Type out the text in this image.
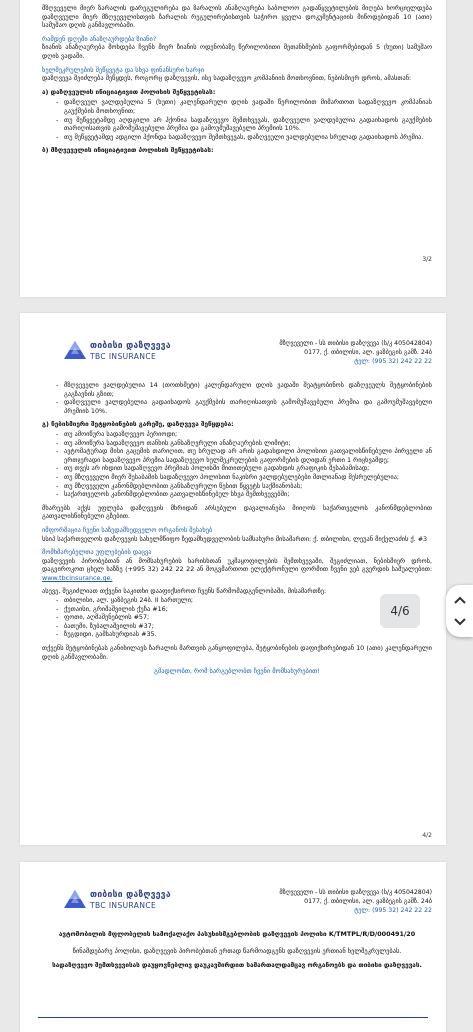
მზღვეველი მიერ ზარალის დარეგულირება და ზარალის ანაზღაურება საბოლოო გადაწყვეტილების მიღება ხორციელდება დაზღვეული მიერ მზღვეველისთვის ზარალის რეგულირებისთვის საჭირო ყველა დოკუმენტაციის მიწოდებიდან 10 (ათი) სამუშაო დღის განმავლობაში.

რამდენ დღეში ანაზღაურდება ზიანი?

ზიანის ანაზღაურება მოხდება ჩვენს მიერ ზიანის ოდენობაზე წერილობითი შეთანხმების გაფორმებიდან 5 (ხუთი) სამუშაო დღის ვადაში.

ხელშეკრულების შეწყვეტა და სხვა ფინანსური ხარჯი

დაზღვევა შეიძლება შეწყდეს, როგორც დაზღვევის, ისე სადაზღვევო კომპანიის მოთხოვნით, ნებისმიერ დროს, ამასთან:

ა) დაზღვეულის ინიციატივით პოლისის შეწყვეტისას:

- დაზღვეულ ვალდებულია 5 (ხუთი) კალენდარული დღის ვადაში წერილობით მიმართოთ სადაზღვევო კომპანიას გაუქმების მოთხოვნით;
- თუ შეწყვეტამდე აღდგილი არ ჰქონია სადაზღვევო შემთხვევას, დაზღვეული ვალდებულია გადაიხადოს გაუქმების თარიღისათვის გამომუშავებული პრემია და გამოუმუშავებელი პრემიის 10%.
- თუ შეწყვეტამდე ადგილი ჰქონდა სადაზღვევო შემთხვევას, დაზღვეული ვალდებულია სრულად გადაიხადოს პრემია.

ბ) მზღვეველის ინიციატივით პოლისის შეწყვეტისას:

3/2
თიბისი დაზღვევა
TBC INSURANCE
მზღვეველი - სს თიბისი დაზღვევა (ს/კ 405042804)
0177, ქ. თბილისი, ალ. ყაზბეგის გამზ. 24ბ
ტელ: (995 32) 242 22 22
- მზღვეველი ვალდებულია 14 (თოთხმეტი) კალენდარული დღის ვადაში შეატყობინოს დაზღვეულს შეტყობინების გაგზავნის გზით;
- დაზღვეული ვალდებულია გადაიხადოს გაუქმების თარიღისათვის გამომუშავებული პრემია და გამოუმუშავებელი პრემიის 10%.

გ) ნებისმიერი შეტყობინების გარეშე, დაზღვევა შეწყდება:

- თუ ამოიწურა სადაზღვევო პერიოდი;
- თუ ამოიწურა სადაზღვევო თანხის განსაზღვრული ანაზღაურების ლიმიტი;
- ავტომატურად მისი გაცემის თარიღით, თუ სრულად არ არის გადახდილი პოლისით გათვალისწინებული პირველი ან ერთჯერადი სადაზღვევო პრემია სადაზღვევო ხელშეკრულების გაფორმების დღიდან ერთი 1 რიცხვამდე;
- თუ თვეს არ იხდით სადაზღვევო პრემიას პოლისში მითითებული გადახდის გრაფიკის შესაბამისად;
- თუ მზღვეველი მიერ შესაბამის სადაზღვევო პოლისით ნაკისრი ვალდებულებები მთლიანად შესრულებულია;
- თუ მზღვეველი კანონმდებლობით განსაზღვრული წესით წყვეტს საქმიანობას;
- საქართველოს კანონმდებლობით გათვალისწინებულ სხვა შემთხვევებში;

მხარეებს აქვს უფლება დაზღვევის მხრიდან არსებული დავალიანება მიიღოს საქართველოს კანონმდებლობით გათვალისწინებული გზებით.

იმფორმაცია ჩვენი საზედამხედველო ორგანოს შესახებ

სსიპ საქართველოს დაზღვევის სახელმწიფო ზედამხედველობის სამსახური მისამართი: ქ. თბილისი, ლეუან მიქელაძის ქ. #3

მომხმარებელთა უფლებების დაცვა

დაზღვევის პირობებთან ან მომსახურების ხარისხთან უკმაყოფილების შემთხვევაში, შეგიძლიათ, ნებისმიერ დროს, დაგვიროკოთ ცხელ ხაზზე (+995 32) 242 22 22 ან მოგვმართოთ ელექტრონული ფორმით ჩვენი ვებ გვერდის საშუალებით: www.tbcinsurance.ge.

ასევე, შეგიძლიათ თქვენი საკითხი დააფიქსიროთ ჩვენს წარმომადგენლობაში, მისამართზე:

- თბილისი, ალ. ყაზბეგის 24ბ. II სართული;
- ქუთაისი, გრიშაშვილის ქუჩა #16;
- ფოთი, აღმაშენებლის #57;
- ბათუმი, ზუბალაშვილის #37;
- ზუგდიდი, გამსახურდიას #35.

თქვენს შეტყობინებას განიხილავს ზარალის მართვის განყოფილება, შეტყობინების დაფიქსირებიდან 10 (ათი) კალენდარული დღის განმავლობაში.

გმადლობთ, რომ სარგებლობთ ჩვენი მომსახურებით!

4/2
თიბისი დაზღვევა
TBC INSURANCE
მზღვეველი - სს თიბისი დაზღვევა (ს/კ 405042804)
0177, ქ. თბილისი, ალ. ყაზბეგის გამზ. 24ბ
ტელ: (995 32) 242 22 22

ავტომობილის მფლობელის სამოქალაქო პასუხისმგებლობის დაზღვევის პოლისი K/TMTPL/R/D/000491/20

წინამდებარე პოლისი, დაზღვევის პირობებთან ერთად წარმოადგენს დაზღვევის ერთიან ხელშეკრულებას.

სადაზღვევო შემთხვევისას დაუყოვნებლივ დაუკავშირდით სამართალდამცავ ორგანოებს და თიბისი დაზღვევას.

4/6
